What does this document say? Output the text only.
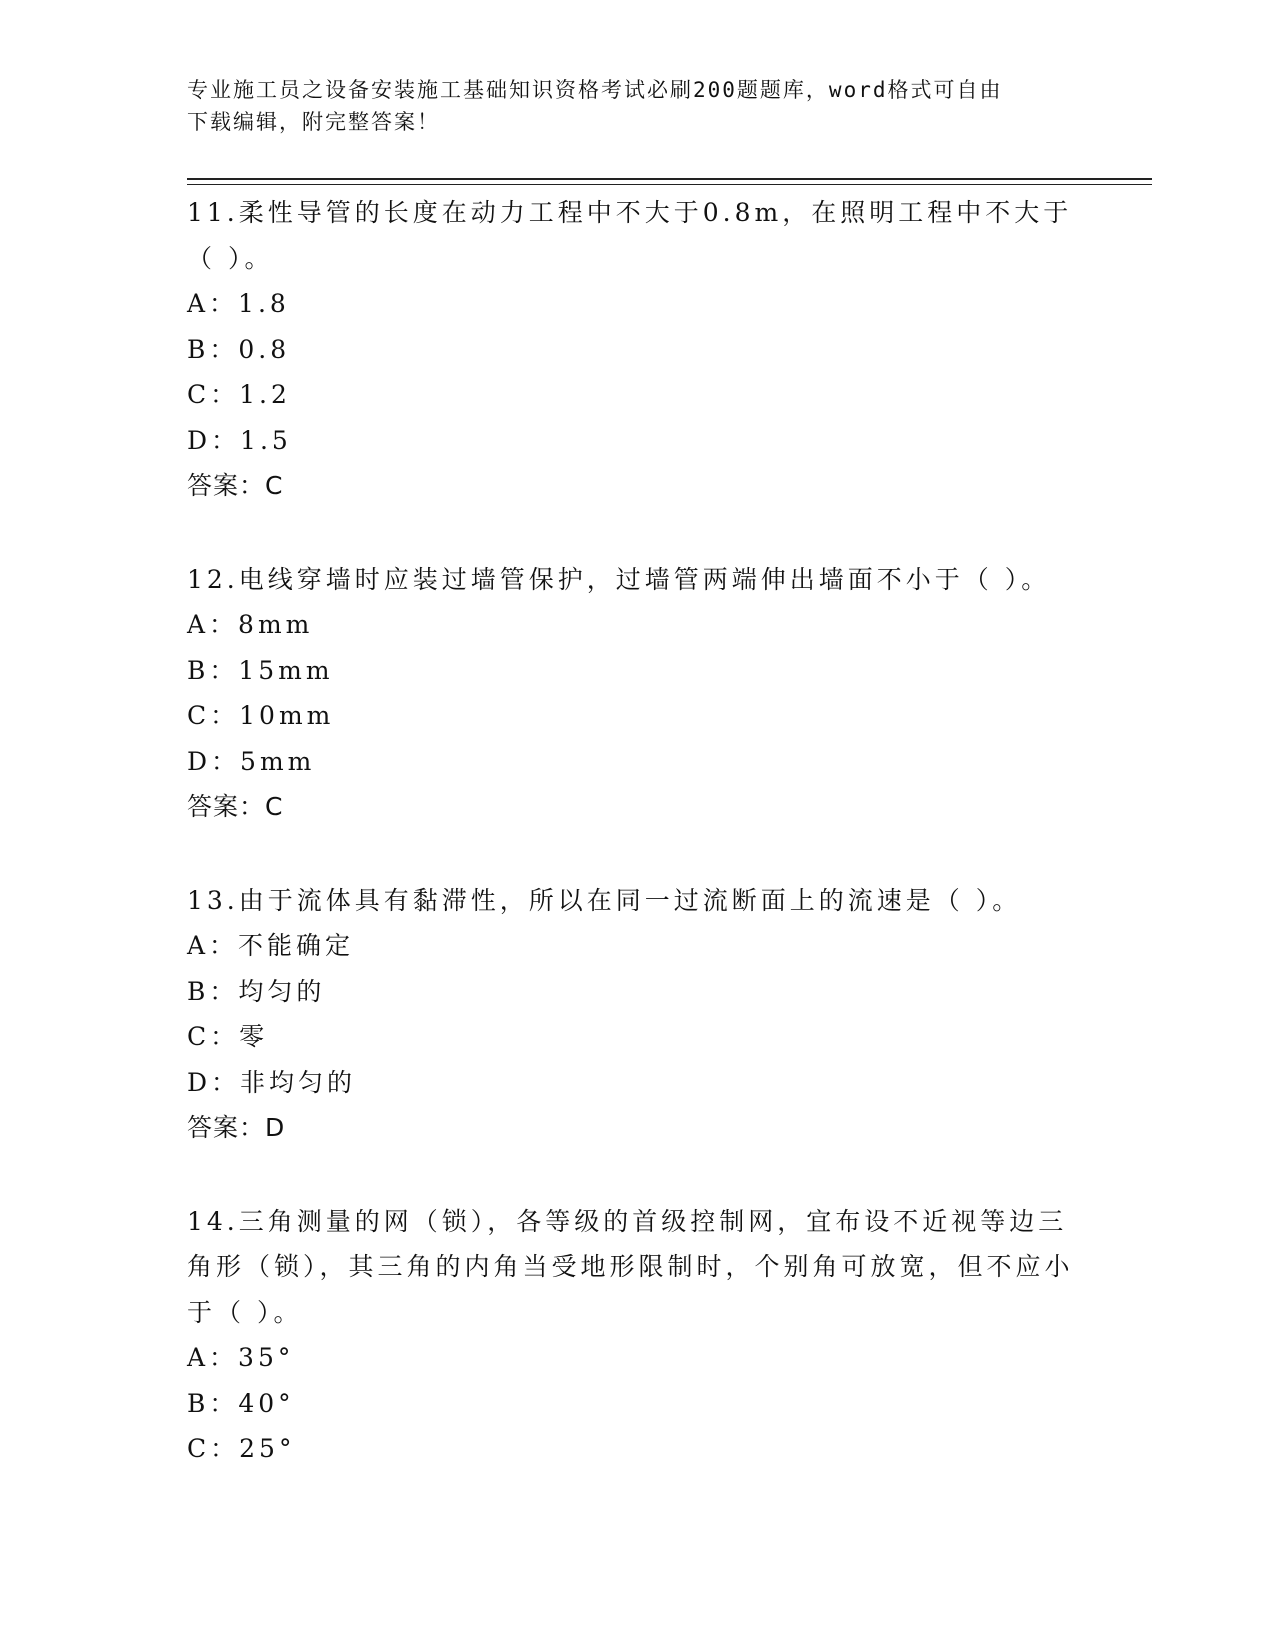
专业施工员之设备安装施工基础知识资格考试必刷200题题库，word格式可自由
下载编辑，附完整答案！
11.柔性导管的长度在动力工程中不大于0.8m，在照明工程中不大于（ ）。
A：1.8
B：0.8
C：1.2
D：1.5
答案：C
12.电线穿墙时应装过墙管保护，过墙管两端伸出墙面不小于（ ）。
A：8mm
B：15mm
C：10mm
D：5mm
答案：C
13.由于流体具有黏滞性，所以在同一过流断面上的流速是（ ）。
A：不能确定
B：均匀的
C：零
D：非均匀的
答案：D
14.三角测量的网（锁），各等级的首级控制网，宜布设不近视等边三角形（锁），其三角的内角当受地形限制时，个别角可放宽，但不应小于（ ）。
A：35°
B：40°
C：25°
